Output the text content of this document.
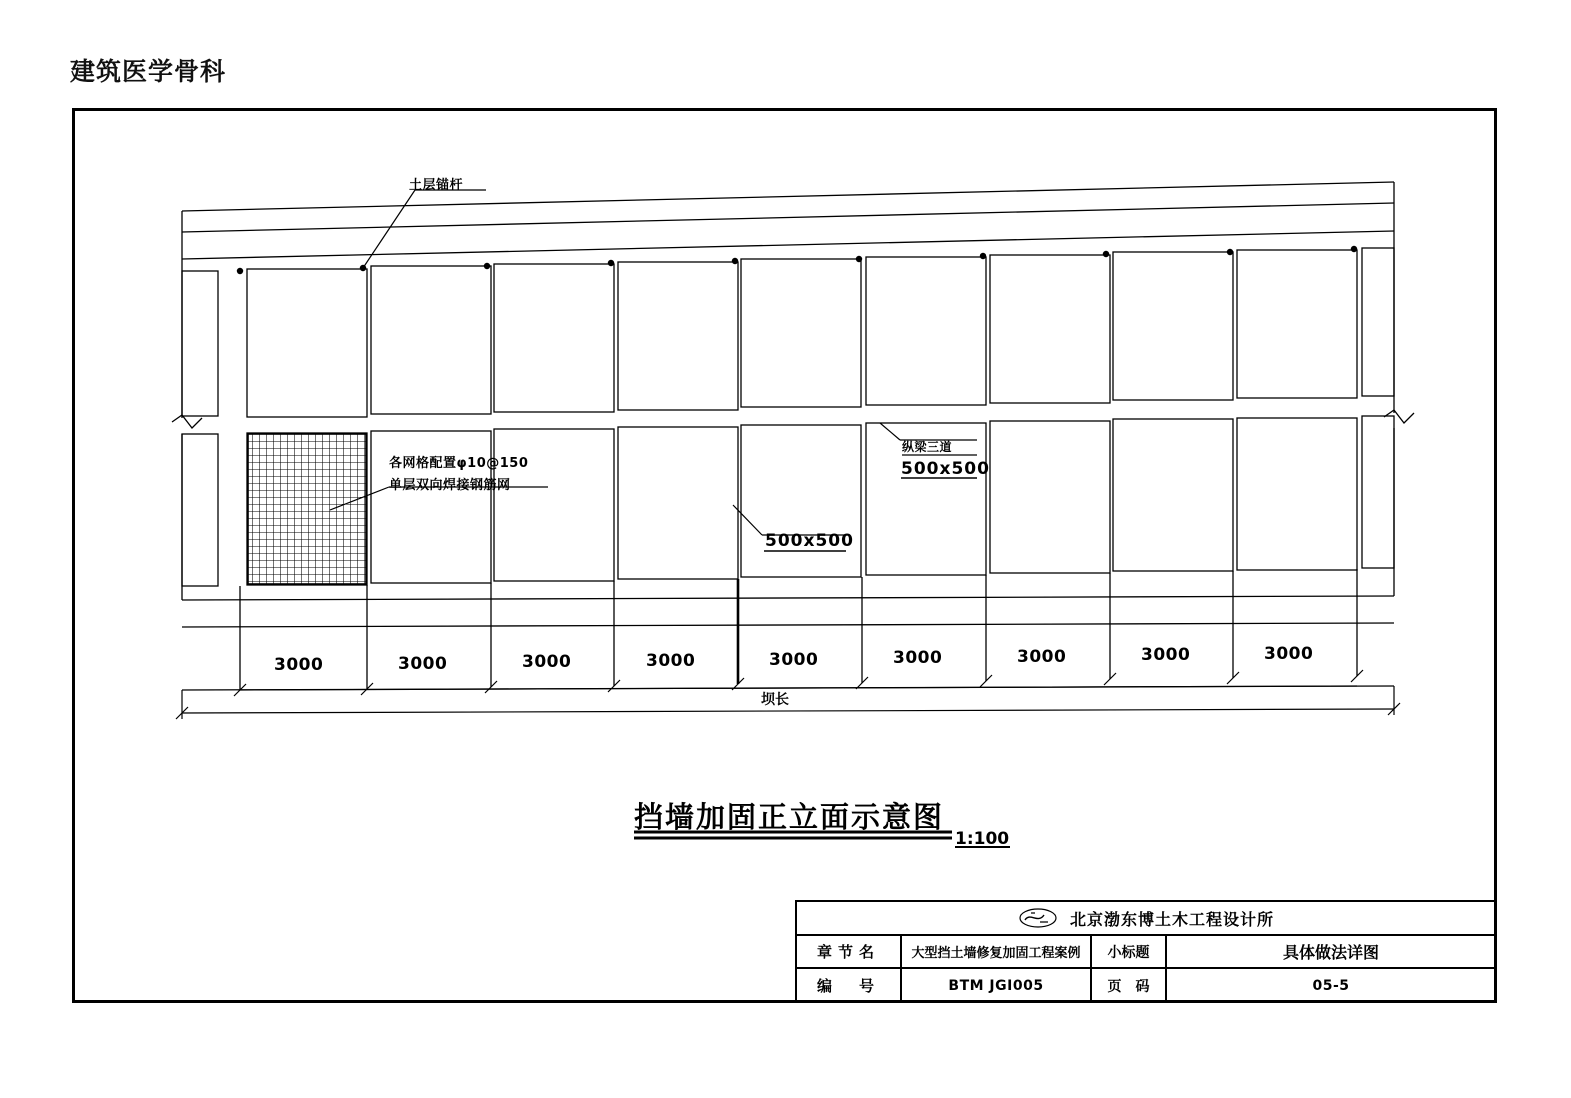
建筑医学骨科
土层锚杆
各网格配置φ10@150
单层双向焊接钢筋网
纵梁三道
500x500
500x500
3000	3000	3000	3000	3000	3000	3000	3000	3000
坝长
挡墙加固正立面示意图
1:100
北京渤东博土木工程设计所
章节名	大型挡土墙修复加固工程案例	小标题	具体做法详图
编　号	BTM JGI005	页　码	05-5
